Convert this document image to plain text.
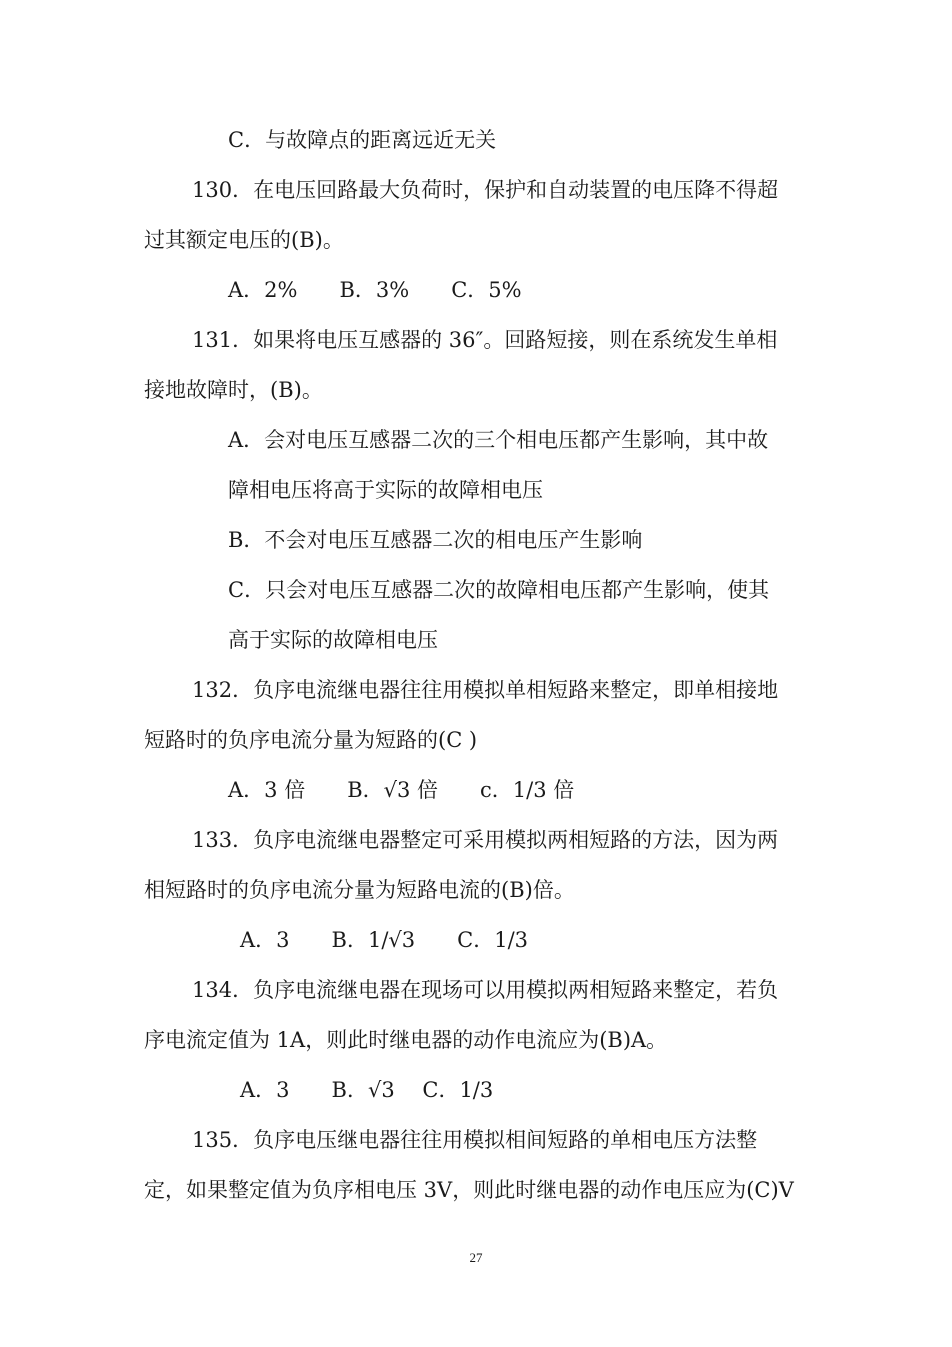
C．与故障点的距离远近无关
130．在电压回路最大负荷时，保护和自动装置的电压降不得超
过其额定电压的(B)。
A．2%　　B．3%　　C．5%
131．如果将电压互感器的 36″。回路短接，则在系统发生单相
接地故障时，(B)。
A．会对电压互感器二次的三个相电压都产生影响，其中故
障相电压将高于实际的故障相电压
B．不会对电压互感器二次的相电压产生影响
C．只会对电压互感器二次的故障相电压都产生影响，使其
高于实际的故障相电压
132．负序电流继电器往往用模拟单相短路来整定，即单相接地
短路时的负序电流分量为短路的(C )
A．3 倍　　B．√3 倍　　c．1/3 倍
133．负序电流继电器整定可采用模拟两相短路的方法，因为两
相短路时的负序电流分量为短路电流的(B)倍。
A．3　　B．1/√3　　C．1/3
134．负序电流继电器在现场可以用模拟两相短路来整定，若负
序电流定值为 1A，则此时继电器的动作电流应为(B)A。
A．3　　B．√3　 C．1/3
135．负序电压继电器往往用模拟相间短路的单相电压方法整
定，如果整定值为负序相电压 3V，则此时继电器的动作电压应为(C)V
27
